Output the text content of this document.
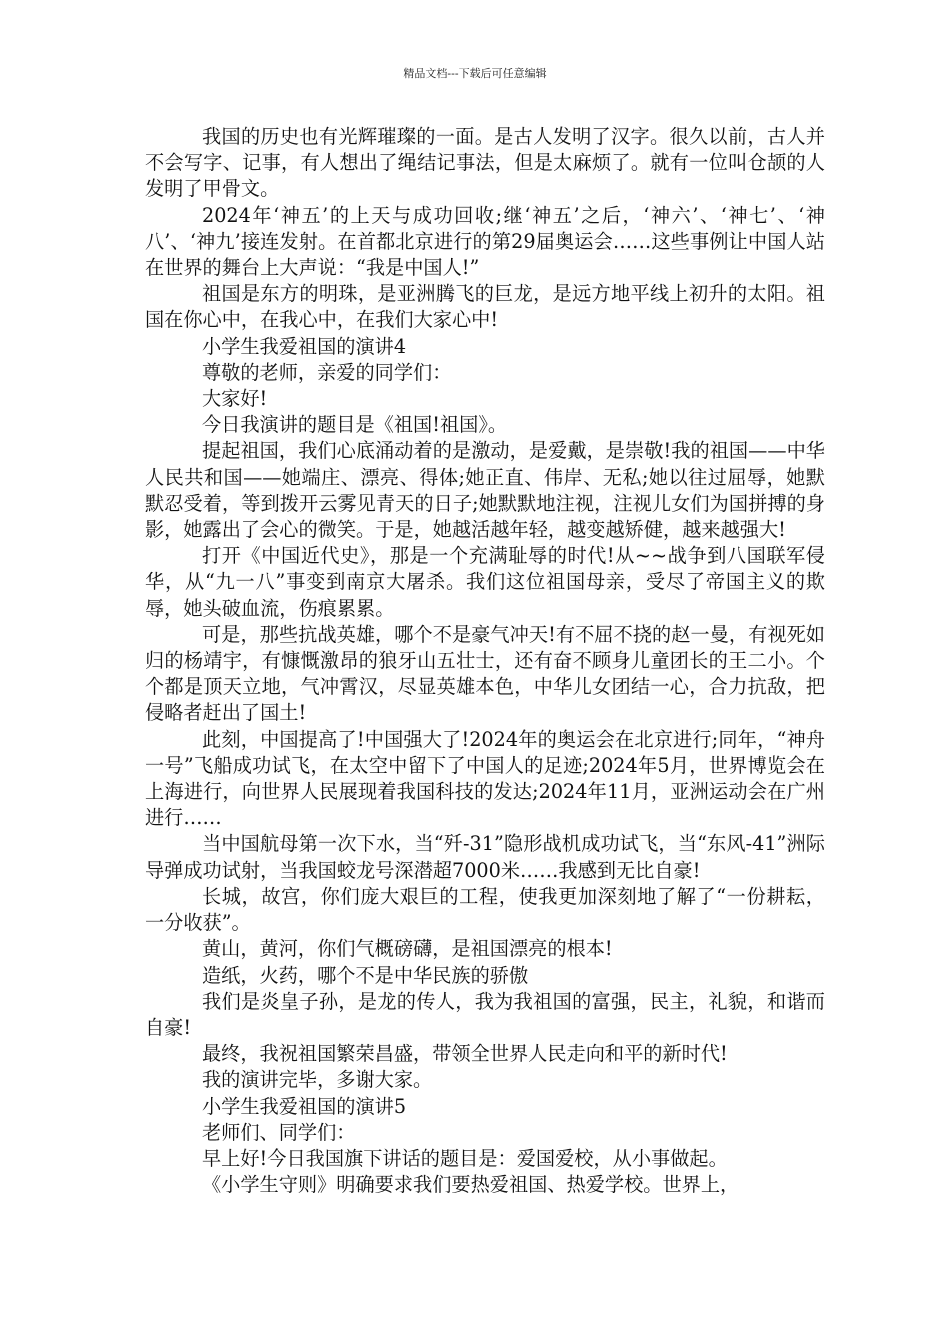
精品文档---下载后可任意编辑

我国的历史也有光辉璀璨的一面。是古人发明了汉字。很久以前，古人并不会写字、记事，有人想出了绳结记事法，但是太麻烦了。就有一位叫仓颉的人发明了甲骨文。

2024年‘神五’的上天与成功回收;继‘神五’之后，‘神六’、‘神七’、‘神八’、‘神九’接连发射。在首都北京进行的第29届奥运会……这些事例让中国人站在世界的舞台上大声说：“我是中国人!”

祖国是东方的明珠，是亚洲腾飞的巨龙，是远方地平线上初升的太阳。祖国在你心中，在我心中，在我们大家心中!

小学生我爱祖国的演讲4

尊敬的老师，亲爱的同学们：

大家好!

今日我演讲的题目是《祖国!祖国》。

提起祖国，我们心底涌动着的是激动，是爱戴，是崇敬!我的祖国——中华人民共和国——她端庄、漂亮、得体;她正直、伟岸、无私;她以往过屈辱，她默默忍受着，等到拨开云雾见青天的日子;她默默地注视，注视儿女们为国拼搏的身影，她露出了会心的微笑。于是，她越活越年轻，越变越矫健，越来越强大!

打开《中国近代史》，那是一个充满耻辱的时代!从~~战争到八国联军侵华，从“九一八”事变到南京大屠杀。我们这位祖国母亲，受尽了帝国主义的欺辱，她头破血流，伤痕累累。

可是，那些抗战英雄，哪个不是豪气冲天!有不屈不挠的赵一曼，有视死如归的杨靖宇，有慷慨激昂的狼牙山五壮士，还有奋不顾身儿童团长的王二小。个个都是顶天立地，气冲霄汉，尽显英雄本色，中华儿女团结一心，合力抗敌，把侵略者赶出了国土!

此刻，中国提高了!中国强大了!2024年的奥运会在北京进行;同年，“神舟一号”飞船成功试飞，在太空中留下了中国人的足迹;2024年5月，世界博览会在上海进行，向世界人民展现着我国科技的发达;2024年11月，亚洲运动会在广州进行……

当中国航母第一次下水，当“歼-31”隐形战机成功试飞，当“东风-41”洲际导弹成功试射，当我国蛟龙号深潜超7000米……我感到无比自豪!

长城，故宫，你们庞大艰巨的工程，使我更加深刻地了解了“一份耕耘，一分收获”。

黄山，黄河，你们气概磅礴，是祖国漂亮的根本!

造纸，火药，哪个不是中华民族的骄傲

我们是炎皇子孙，是龙的传人，我为我祖国的富强，民主，礼貌，和谐而自豪!

最终，我祝祖国繁荣昌盛，带领全世界人民走向和平的新时代!

我的演讲完毕，多谢大家。

小学生我爱祖国的演讲5

老师们、同学们：

早上好!今日我国旗下讲话的题目是：爱国爱校，从小事做起。

《小学生守则》明确要求我们要热爱祖国、热爱学校。世界上，
